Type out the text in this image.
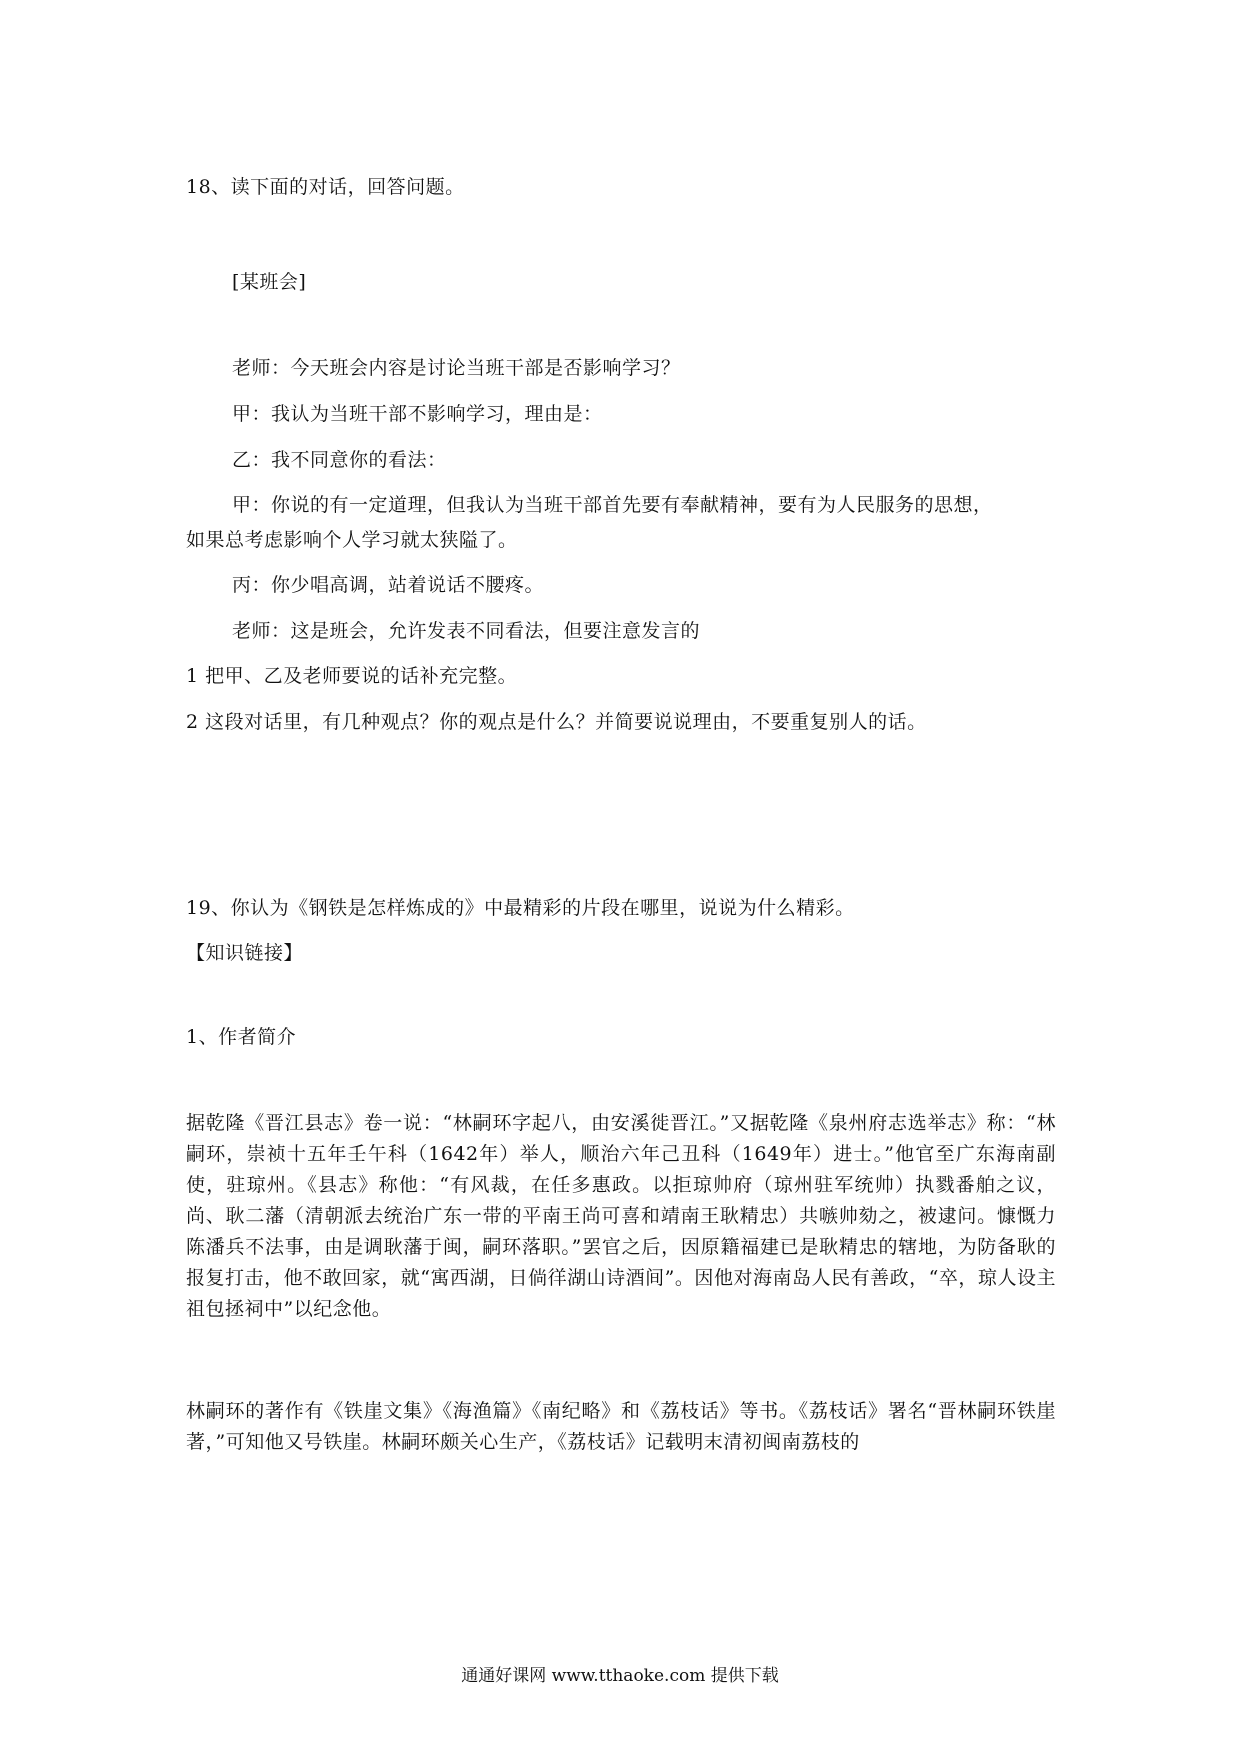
18、读下面的对话，回答问题。
[某班会]
老师：今天班会内容是讨论当班干部是否影响学习？
甲：我认为当班干部不影响学习，理由是：
乙：我不同意你的看法：
甲：你说的有一定道理，但我认为当班干部首先要有奉献精神，要有为人民服务的思想，
如果总考虑影响个人学习就太狭隘了。
丙：你少唱高调，站着说话不腰疼。
老师：这是班会，允许发表不同看法，但要注意发言的
1 把甲、乙及老师要说的话补充完整。
2 这段对话里，有几种观点？你的观点是什么？并简要说说理由，不要重复别人的话。
19、你认为《钢铁是怎样炼成的》中最精彩的片段在哪里，说说为什么精彩。
【知识链接】
1、作者简介
据乾隆《晋江县志》卷一说：“林嗣环字起八，由安溪徙晋江。”又据乾隆《泉州府志选举志》称：“林嗣环，崇祯十五年壬午科（1642年）举人，顺治六年己丑科（1649年）进士。”他官至广东海南副使，驻琼州。《县志》称他：“有风裁，在任多惠政。以拒琼帅府（琼州驻军统帅）执戮番舶之议，尚、耿二藩（清朝派去统治广东一带的平南王尚可喜和靖南王耿精忠）共嗾帅劾之，被逮问。慷慨力陈潘兵不法事，由是调耿藩于闽，嗣环落职。”罢官之后，因原籍福建已是耿精忠的辖地，为防备耿的报复打击，他不敢回家，就“寓西湖，日倘徉湖山诗酒间”。因他对海南岛人民有善政，“卒，琼人设主祖包拯祠中”以纪念他。
林嗣环的著作有《铁崖文集》《海渔篇》《南纪略》和《荔枝话》等书。《荔枝话》署名“晋林嗣环铁崖著，”可知他又号铁崖。林嗣环颇关心生产，《荔枝话》记载明末清初闽南荔枝的
通通好课网 www.tthaoke.com 提供下载
